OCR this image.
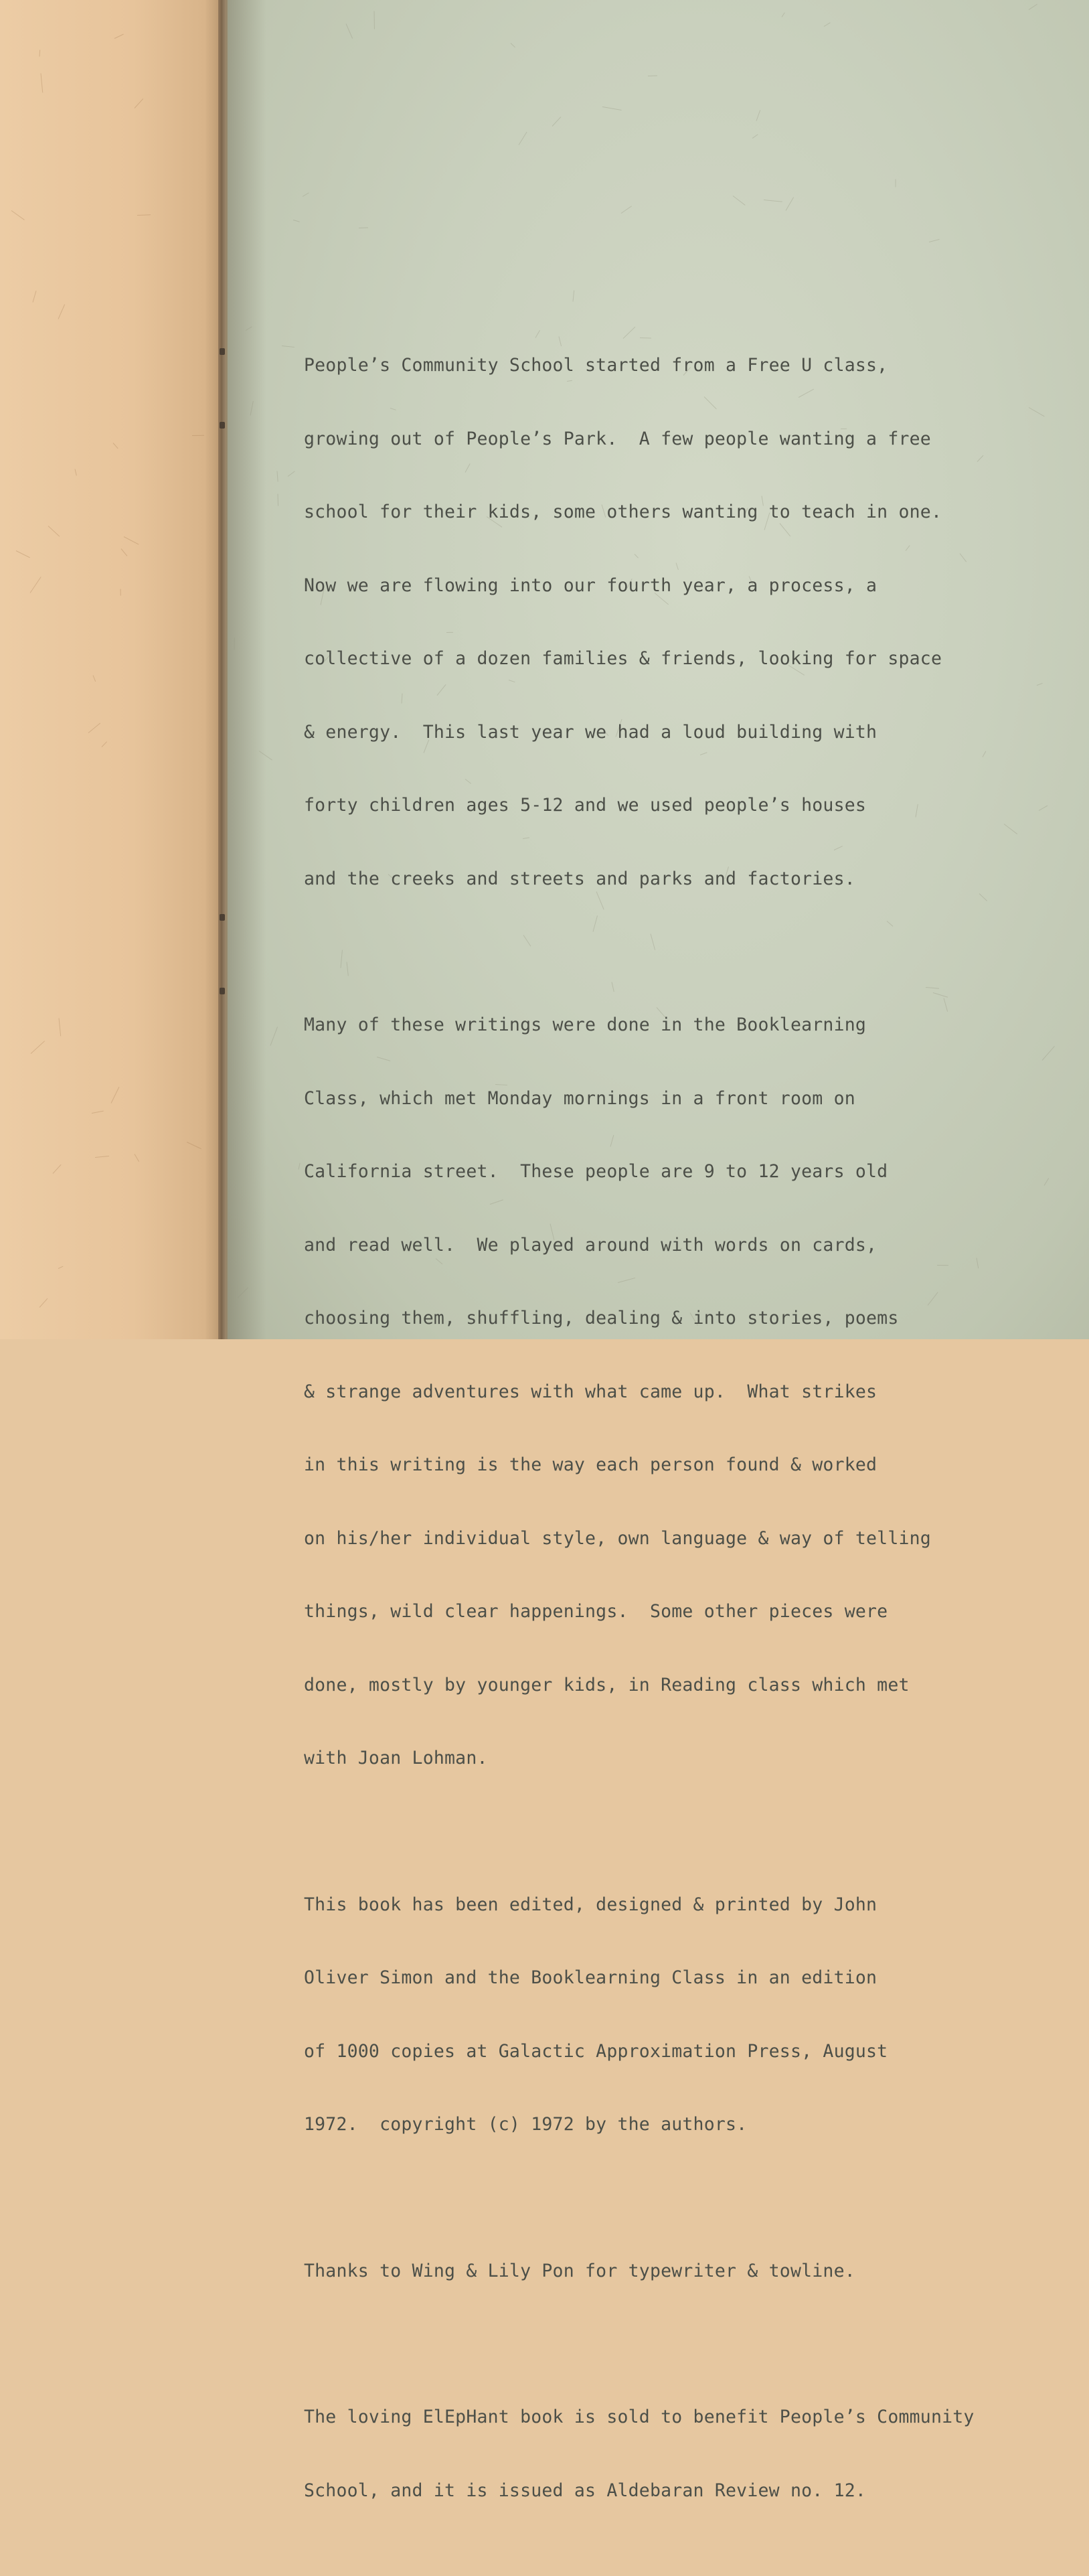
People’s Community School started from a Free U class,

growing out of People’s Park.  A few people wanting a free

school for their kids, some others wanting to teach in one.

Now we are flowing into our fourth year, a process, a

collective of a dozen families & friends, looking for space

& energy.  This last year we had a loud building with

forty children ages 5-12 and we used people’s houses

and the creeks and streets and parks and factories.

Many of these writings were done in the Booklearning

Class, which met Monday mornings in a front room on

California street.  These people are 9 to 12 years old

and read well.  We played around with words on cards,

choosing them, shuffling, dealing & into stories, poems

& strange adventures with what came up.  What strikes

in this writing is the way each person found & worked

on his/her individual style, own language & way of telling

things, wild clear happenings.  Some other pieces were

done, mostly by younger kids, in Reading class which met

with Joan Lohman.

This book has been edited, designed & printed by John

Oliver Simon and the Booklearning Class in an edition

of 1000 copies at Galactic Approximation Press, August

1972.  copyright (c) 1972 by the authors.

Thanks to Wing & Lily Pon for typewriter & towline.

The loving ElEpHant book is sold to benefit People’s Community

School, and it is issued as Aldebaran Review no. 12.
